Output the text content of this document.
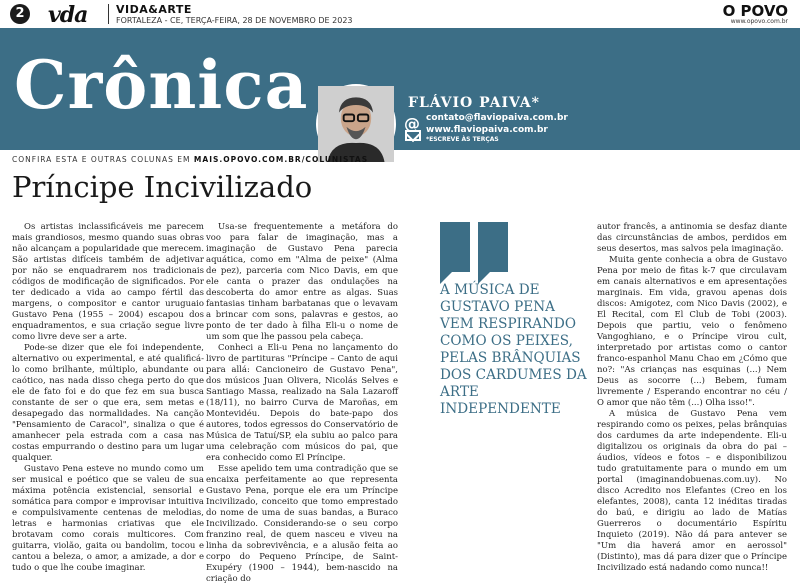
2 vda	VIDA&ARTE
FORTALEZA - CE, TERÇA-FEIRA, 28 DE NOVEMBRO DE 2023
O POVO
www.opovo.com.br
Crônica	FLÁVIO PAIVA*
@ contato@flaviopaiva.com.br
www.flaviopaiva.com.br
*ESCREVE ÀS TERÇAS
CONFIRA ESTA E OUTRAS COLUNAS EM MAIS.OPOVO.COM.BR/COLUNISTAS
Príncipe Incivilizado

Os artistas inclassificáveis me parecem mais grandiosos, mesmo quando suas obras não alcançam a popularidade que merecem. São artistas difíceis também de adjetivar por não se enquadrarem nos tradicionais códigos de modificação de significados. Por ter dedicado a vida ao campo fértil das margens, o compositor e cantor uruguaio Gustavo Pena (1955 – 2004) escapou dos enquadramentos, e sua criação segue livre como livre deve ser a arte.

Pode-se dizer que ele foi independente, alternativo ou experimental, e até qualificá-lo como brilhante, múltiplo, abundante ou caótico, nas nada disso chega perto do que ele de fato foi e do que fez em sua busca constante de ser o que era, sem metas e desapegado das normalidades. Na canção "Pensamiento de Caracol", sinaliza o que é amanhecer pela estrada com a casa nas costas empurrando o destino para um lugar qualquer.

Gustavo Pena esteve no mundo como um ser musical e poético que se valeu de sua máxima potência existencial, sensorial e somática para compor e improvisar intuitiva e compulsivamente centenas de melodias, letras e harmonias criativas que ele brotavam como corais multicores. Com guitarra, violão, gaita ou bandolim, tocou e cantou a beleza, o amor, a amizade, a dor e tudo o que lhe coube imaginar.

Usa-se frequentemente a metáfora do voo para falar de imaginação, mas a imaginação de Gustavo Pena parecia aquática, como em "Alma de peixe" (Alma de pez), parceria com Nico Davis, em que ele canta o prazer das ondulações na descoberta do amor entre as algas. Suas fantasias tinham barbatanas que o levavam a brincar com sons, palavras e gestos, ao ponto de ter dado à filha Eli-u o nome de um som que lhe passou pela cabeça.

Conheci a Eli-u Pena no lançamento do livro de partituras "Príncipe – Canto de aqui para allá: Cancioneiro de Gustavo Pena", dos músicos Juan Olivera, Nicolás Selves e Santiago Massa, realizado na Sala Lazaroff (18/11), no bairro Curva de Maroñas, em Montevidéu. Depois do bate-papo dos autores, todos egressos do Conservatório de Música de Tatuí/SP, ela subiu ao palco para uma celebração com músicos do pai, que era conhecido como El Príncipe.

Esse apelido tem uma contradição que se encaixa perfeitamente ao que representa Gustavo Pena, porque ele era um Príncipe Incivilizado, conceito que tomo emprestado do nome de uma de suas bandas, a Buraco Incivilizado. Considerando-se o seu corpo franzino real, de quem nasceu e viveu na linha da sobrevivência, e a alusão feita ao corpo do Pequeno Príncipe, de Saint-Exupéry (1900 – 1944), bem-nascido na criação do

A MÚSICA DE GUSTAVO PENA VEM RESPIRANDO COMO OS PEIXES, PELAS BRÂNQUIAS DOS CARDUMES DA ARTE INDEPENDENTE

autor francês, a antinomia se desfaz diante das circunstâncias de ambos, perdidos em seus desertos, mas salvos pela imaginação.

Muita gente conhecia a obra de Gustavo Pena por meio de fitas k-7 que circulavam em canais alternativos e em apresentações marginais. Em vida, gravou apenas dois discos: Amigotez, com Nico Davis (2002), e El Recital, com El Club de Tobi (2003). Depois que partiu, veio o fenômeno Vangoghiano, e o Príncipe virou cult, interpretado por artistas como o cantor franco-espanhol Manu Chao em ¿Cómo que no?: "As crianças nas esquinas (...) Nem Deus as socorre (...) Bebem, fumam livremente / Esperando encontrar no céu / O amor que não têm (...) Olha isso!".

A música de Gustavo Pena vem respirando como os peixes, pelas brânquias dos cardumes da arte independente. Eli-u digitalizou os originais da obra do pai – áudios, vídeos e fotos – e disponibilizou tudo gratuitamente para o mundo em um portal (imaginandobuenas.com.uy). No disco Acredito nos Elefantes (Creo en los elefantes, 2008), canta 12 inéditas tiradas do baú, e dirigiu ao lado de Matías Guerreros o documentário Espíritu Inquieto (2019). Não dá para antever se "Um dia haverá amor en aerossol" (Distinto), mas dá para dizer que o Príncipe Incivilizado está nadando como nunca!!
